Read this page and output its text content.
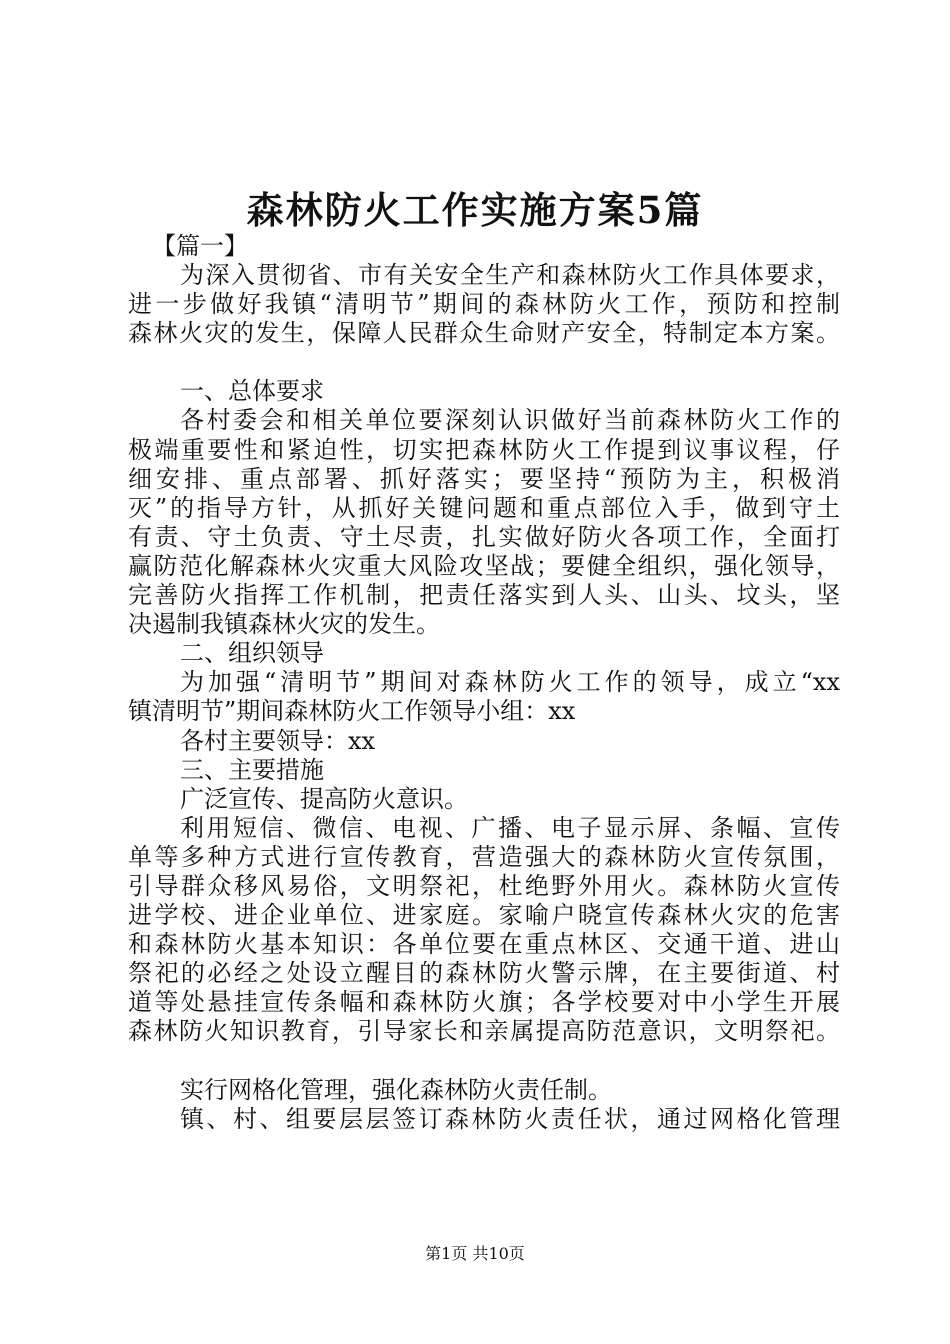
森林防火工作实施方案5篇
【篇一】
为深入贯彻省、市有关安全生产和森林防火工作具体要求，
进一步做好我镇“清明节”期间的森林防火工作，预防和控制
森林火灾的发生，保障人民群众生命财产安全，特制定本方案。
一、总体要求
各村委会和相关单位要深刻认识做好当前森林防火工作的
极端重要性和紧迫性，切实把森林防火工作提到议事议程，仔
细安排、重点部署、抓好落实；要坚持“预防为主，积极消
灭”的指导方针，从抓好关键问题和重点部位入手，做到守土
有责、守土负责、守土尽责，扎实做好防火各项工作，全面打
赢防范化解森林火灾重大风险攻坚战；要健全组织，强化领导，
完善防火指挥工作机制，把责任落实到人头、山头、坟头，坚
决遏制我镇森林火灾的发生。
二、组织领导
为加强“清明节”期间对森林防火工作的领导，成立“xx
镇清明节”期间森林防火工作领导小组：xx
各村主要领导：xx
三、主要措施
广泛宣传、提高防火意识。
利用短信、微信、电视、广播、电子显示屏、条幅、宣传
单等多种方式进行宣传教育，营造强大的森林防火宣传氛围，
引导群众移风易俗，文明祭祀，杜绝野外用火。森林防火宣传
进学校、进企业单位、进家庭。家喻户晓宣传森林火灾的危害
和森林防火基本知识：各单位要在重点林区、交通干道、进山
祭祀的必经之处设立醒目的森林防火警示牌，在主要街道、村
道等处悬挂宣传条幅和森林防火旗；各学校要对中小学生开展
森林防火知识教育，引导家长和亲属提高防范意识，文明祭祀。
实行网格化管理，强化森林防火责任制。
镇、村、组要层层签订森林防火责任状，通过网格化管理
第1页 共10页
